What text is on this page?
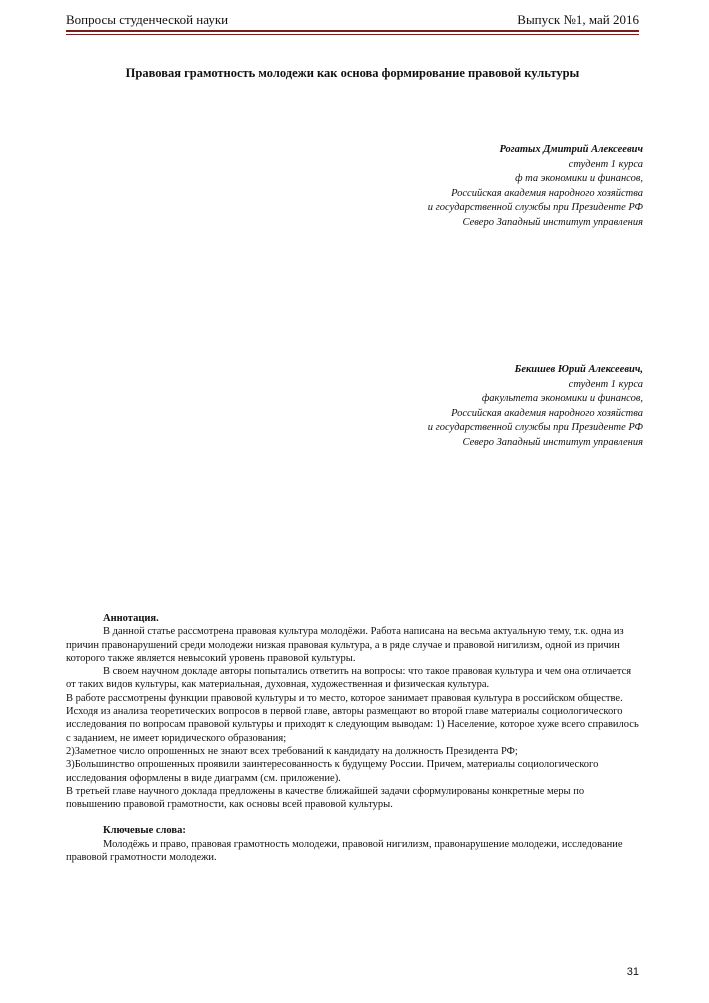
Вопросы студенческой науки	Выпуск №1, май 2016
Правовая грамотность молодежи как основа формирование правовой культуры
Рогатых Дмитрий Алексеевич
студент 1 курса
ф та экономики и финансов,
Российская академия народного хозяйства
и государственной службы при Президенте РФ
Северо Западный институт управления
Бекишев Юрий Алексеевич,
студент 1 курса
факультета экономики и финансов,
Российская академия народного хозяйства
и государственной службы при Президенте РФ
Северо Западный институт управления

Аннотация.

В данной статье рассмотрена правовая культура молодёжи. Работа написана на весьма актуальную тему, т.к. одна из причин правонарушений среди молодежи низкая правовая культура, а в ряде случае и правовой нигилизм, одной из причин которого также является невысокий уровень правовой культуры.

В своем научном докладе авторы попытались ответить на вопросы: что такое правовая культура и чем она отличается от таких видов культуры, как материальная, духовная, художественная и физическая культура.

В работе рассмотрены функции правовой культуры и то место, которое занимает правовая культура в российском обществе. Исходя из анализа теоретических вопросов в первой главе, авторы размещают во второй главе материалы социологического исследования по вопросам правовой культуры и приходят к следующим выводам: 1) Население, которое хуже всего справилось с заданием, не имеет юридического образования;

2)Заметное число опрошенных не знают всех требований к кандидату на должность Президента РФ;

3)Большинство опрошенных проявили заинтересованность к будущему России. Причем, материалы социологического исследования оформлены в виде диаграмм (см. приложение).

В третьей главе научного доклада предложены в качестве ближайшей задачи сформулированы конкретные меры по повышению правовой грамотности, как основы всей правовой культуры.

Ключевые слова:

Молодёжь и право, правовая грамотность молодежи, правовой нигилизм, правонарушение молодежи, исследование правовой грамотности молодежи.

31
